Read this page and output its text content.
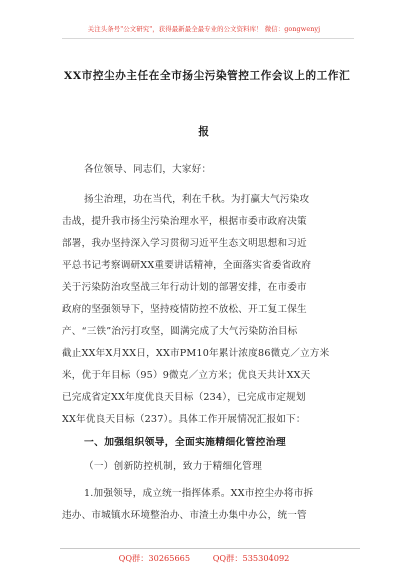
关注头条号"公文研究"，获得最新最全最专业的公文资料库！ 微信：gongwenyj
XX市控尘办主任在全市扬尘污染管控工作会议上的工作汇
报
各位领导、同志们，大家好：
扬尘治理，功在当代，利在千秋。为打赢大气污染攻
击战，提升我市扬尘污染治理水平，根据市委市政府决策
部署，我办坚持深入学习贯彻习近平生态文明思想和习近
平总书记考察调研XX重要讲话精神，全面落实省委省政府
关于污染防治攻坚战三年行动计划的部署安排，在市委市
政府的坚强领导下，坚持疫情防控不放松、开工复工保生
产、“三铁”治污打攻坚，圆满完成了大气污染防治目标
截止XX年X月XX日，XX市PM10年累计浓度86微克／立方米
米，优于年目标（95）9微克／立方米；优良天共计XX天
已完成省定XX年度优良天目标（234），已完成市定规划
XX年优良天目标（237）。具体工作开展情况汇报如下：
一、加强组织领导，全面实施精细化管控治理
（一）创新防控机制，致力于精细化管理
1.加强领导，成立统一指挥体系。XX市控尘办将市拆
违办、市城镇水环境整治办、市渣土办集中办公，统一管
QQ群：30265665	QQ群：535304092
